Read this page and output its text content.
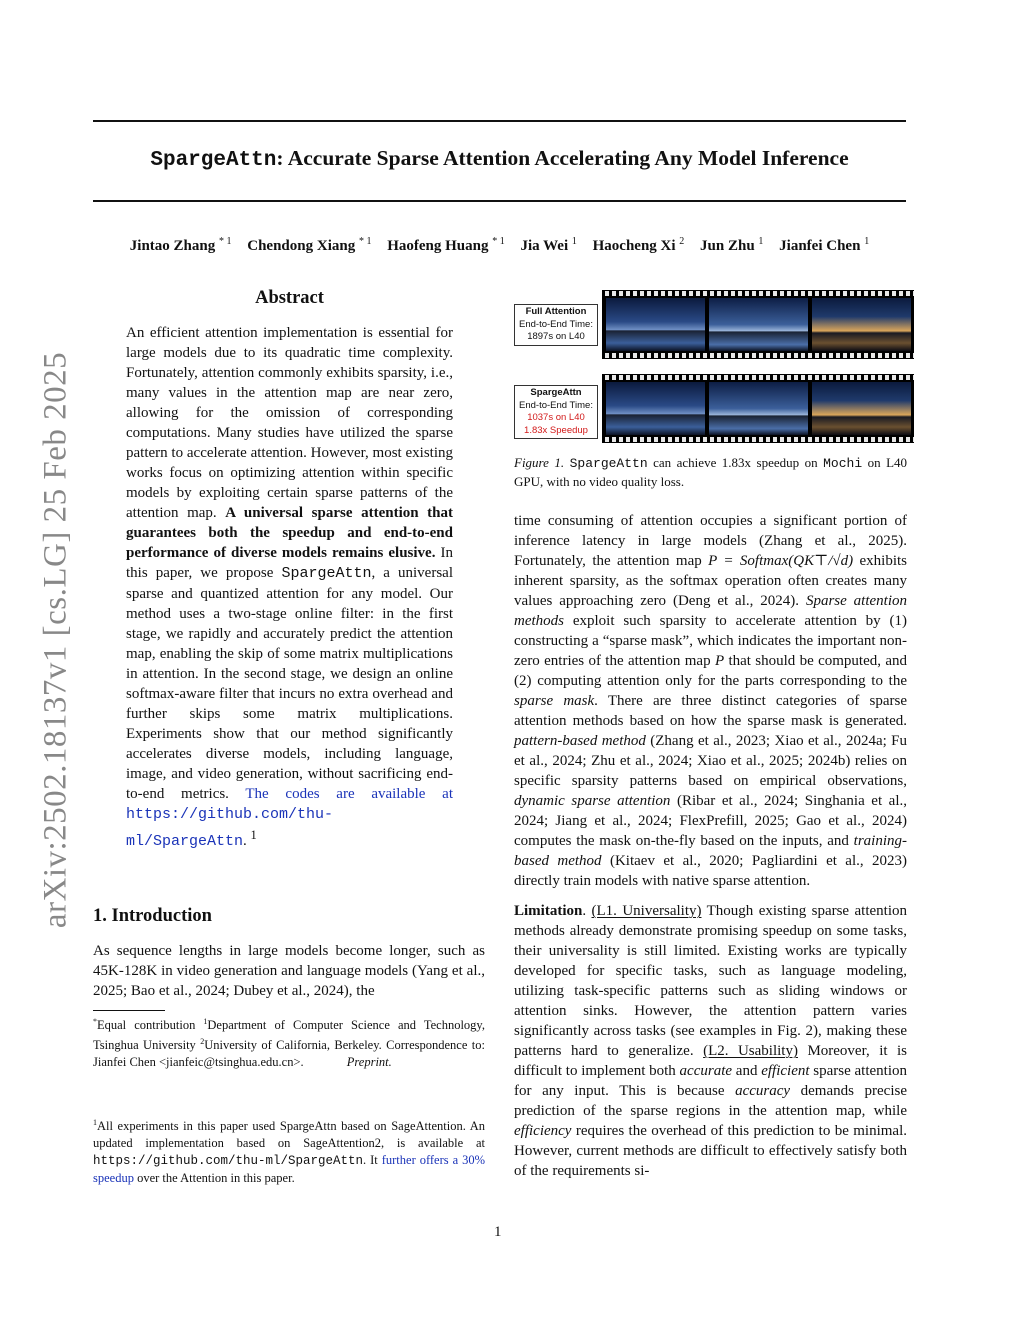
SpargeAttn: Accurate Sparse Attention Accelerating Any Model Inference
Jintao Zhang $^{* 1}$ Chendong Xiang $^{* 1}$ Haofeng Huang $^{* 1}$ Jia Wei $^1$ Haocheng Xi $^2$ Jun Zhu $^1$ Jianfei Chen $^1$
arXiv:2502.18137v1 [cs.LG] 25 Feb 2025
Abstract
An efficient attention implementation is essential for large models due to its quadratic time complexity. Fortunately, attention commonly exhibits sparsity, i.e., many values in the attention map are near zero, allowing for the omission of corresponding computations. Many studies have utilized the sparse pattern to accelerate attention. However, most existing works focus on optimizing attention within specific models by exploiting certain sparse patterns of the attention map. A universal sparse attention that guarantees both the speedup and end-to-end performance of diverse models remains elusive. In this paper, we propose SpargeAttn, a universal sparse and quantized attention for any model. Our method uses a two-stage online filter: in the first stage, we rapidly and accurately predict the attention map, enabling the skip of some matrix multiplications in attention. In the second stage, we design an online softmax-aware filter that incurs no extra overhead and further skips some matrix multiplications. Experiments show that our method significantly accelerates diverse models, including language, image, and video generation, without sacrificing end-to-end metrics. The codes are available at https://github.com/thu-ml/SpargeAttn. $^1$
1. Introduction
As sequence lengths in large models become longer, such as 45K-128K in video generation and language models (Yang et al., 2025; Bao et al., 2024; Dubey et al., 2024), the
*Equal contribution $^1$Department of Computer Science and Technology, Tsinghua University $^2$University of California, Berkeley. Correspondence to: Jianfei Chen <jianfeic@tsinghua.edu.cn>.	Preprint.
$^1$All experiments in this paper used SpargeAttn based on SageAttention. An updated implementation based on SageAttention2, is available at https://github.com/thu-ml/SpargeAttn. It further offers a 30% speedup over the Attention in this paper.
Full Attention
End-to-End Time:
1897s on L40
SpargeAttn
End-to-End Time:
1037s on L40
1.83x Speedup
Figure 1. SpargeAttn can achieve 1.83x speedup on Mochi on L40 GPU, with no video quality loss.

time consuming of attention occupies a significant portion of inference latency in large models (Zhang et al., 2025). Fortunately, the attention map P = Softmax(QK⊤/√d) exhibits inherent sparsity, as the softmax operation often creates many values approaching zero (Deng et al., 2024). Sparse attention methods exploit such sparsity to accelerate attention by (1) constructing a “sparse mask”, which indicates the important non-zero entries of the attention map P that should be computed, and (2) computing attention only for the parts corresponding to the sparse mask. There are three distinct categories of sparse attention methods based on how the sparse mask is generated. pattern-based method (Zhang et al., 2023; Xiao et al., 2024a; Fu et al., 2024; Zhu et al., 2024; Xiao et al., 2025; 2024b) relies on specific sparsity patterns based on empirical observations, dynamic sparse attention (Ribar et al., 2024; Singhania et al., 2024; Jiang et al., 2024; FlexPrefill, 2025; Gao et al., 2024) computes the mask on-the-fly based on the inputs, and training-based method (Kitaev et al., 2020; Pagliardini et al., 2023) directly train models with native sparse attention.

Limitation. (L1. Universality) Though existing sparse attention methods already demonstrate promising speedup on some tasks, their universality is still limited. Existing works are typically developed for specific tasks, such as language modeling, utilizing task-specific patterns such as sliding windows or attention sinks. However, the attention pattern varies significantly across tasks (see examples in Fig. 2), making these patterns hard to generalize. (L2. Usability) Moreover, it is difficult to implement both accurate and efficient sparse attention for any input. This is because accuracy demands precise prediction of the sparse regions in the attention map, while efficiency requires the overhead of this prediction to be minimal. However, current methods are difficult to effectively satisfy both of the requirements si-

1
